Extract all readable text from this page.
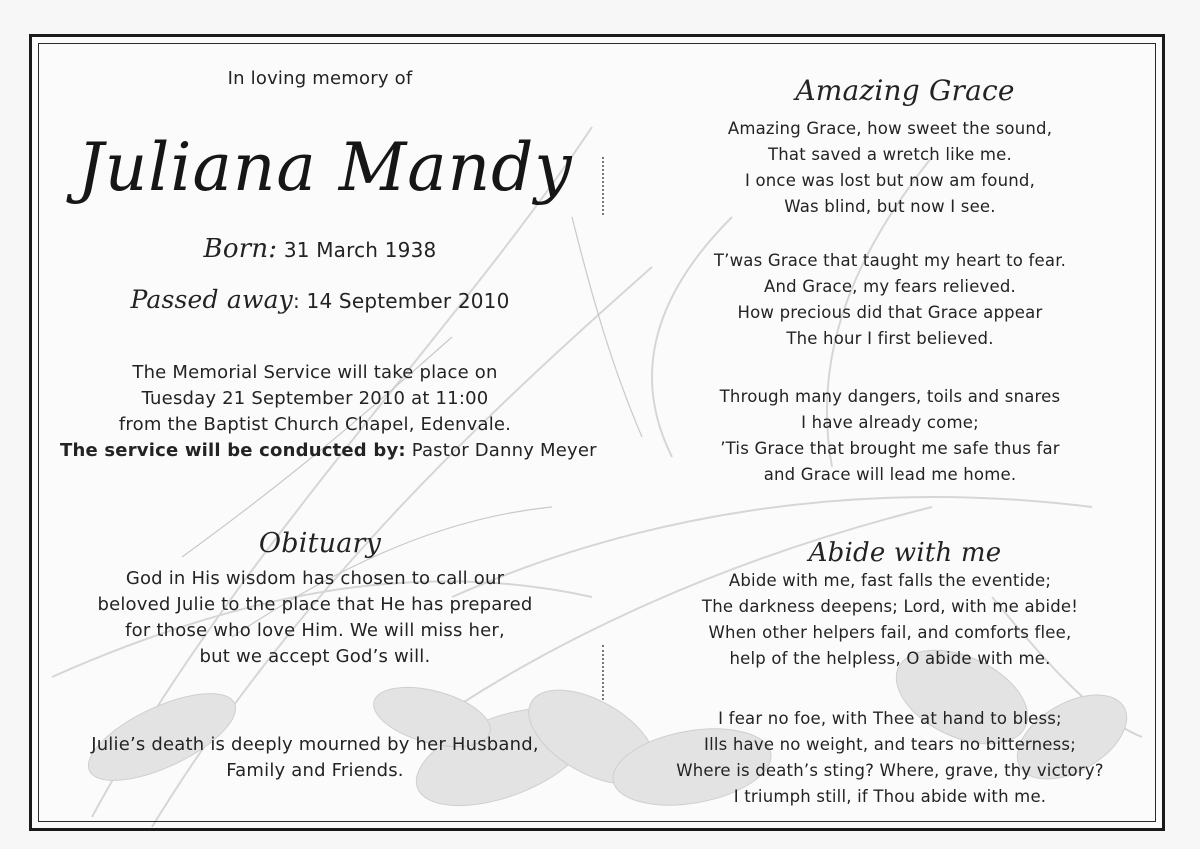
In loving memory of

Juliana Mandy

Born: 31 March 1938

Passed away: 14 September 2010

The Memorial Service will take place on
Tuesday 21 September 2010 at 11:00
from the Baptist Church Chapel, Edenvale.
The service will be conducted by: Pastor Danny Meyer

Obituary

God in His wisdom has chosen to call our
beloved Julie to the place that He has prepared
for those who love Him. We will miss her,
but we accept God’s will.
Julie’s death is deeply mourned by her Husband,
Family and Friends.

Amazing Grace

Amazing Grace, how sweet the sound,
That saved a wretch like me.
I once was lost but now am found,
Was blind, but now I see.
T’was Grace that taught my heart to fear.
And Grace, my fears relieved.
How precious did that Grace appear
The hour I first believed.
Through many dangers, toils and snares
I have already come;
’Tis Grace that brought me safe thus far
and Grace will lead me home.

Abide with me

Abide with me, fast falls the eventide;
The darkness deepens; Lord, with me abide!
When other helpers fail, and comforts flee,
help of the helpless, O abide with me.
I fear no foe, with Thee at hand to bless;
Ills have no weight, and tears no bitterness;
Where is death’s sting? Where, grave, thy victory?
I triumph still, if Thou abide with me.
